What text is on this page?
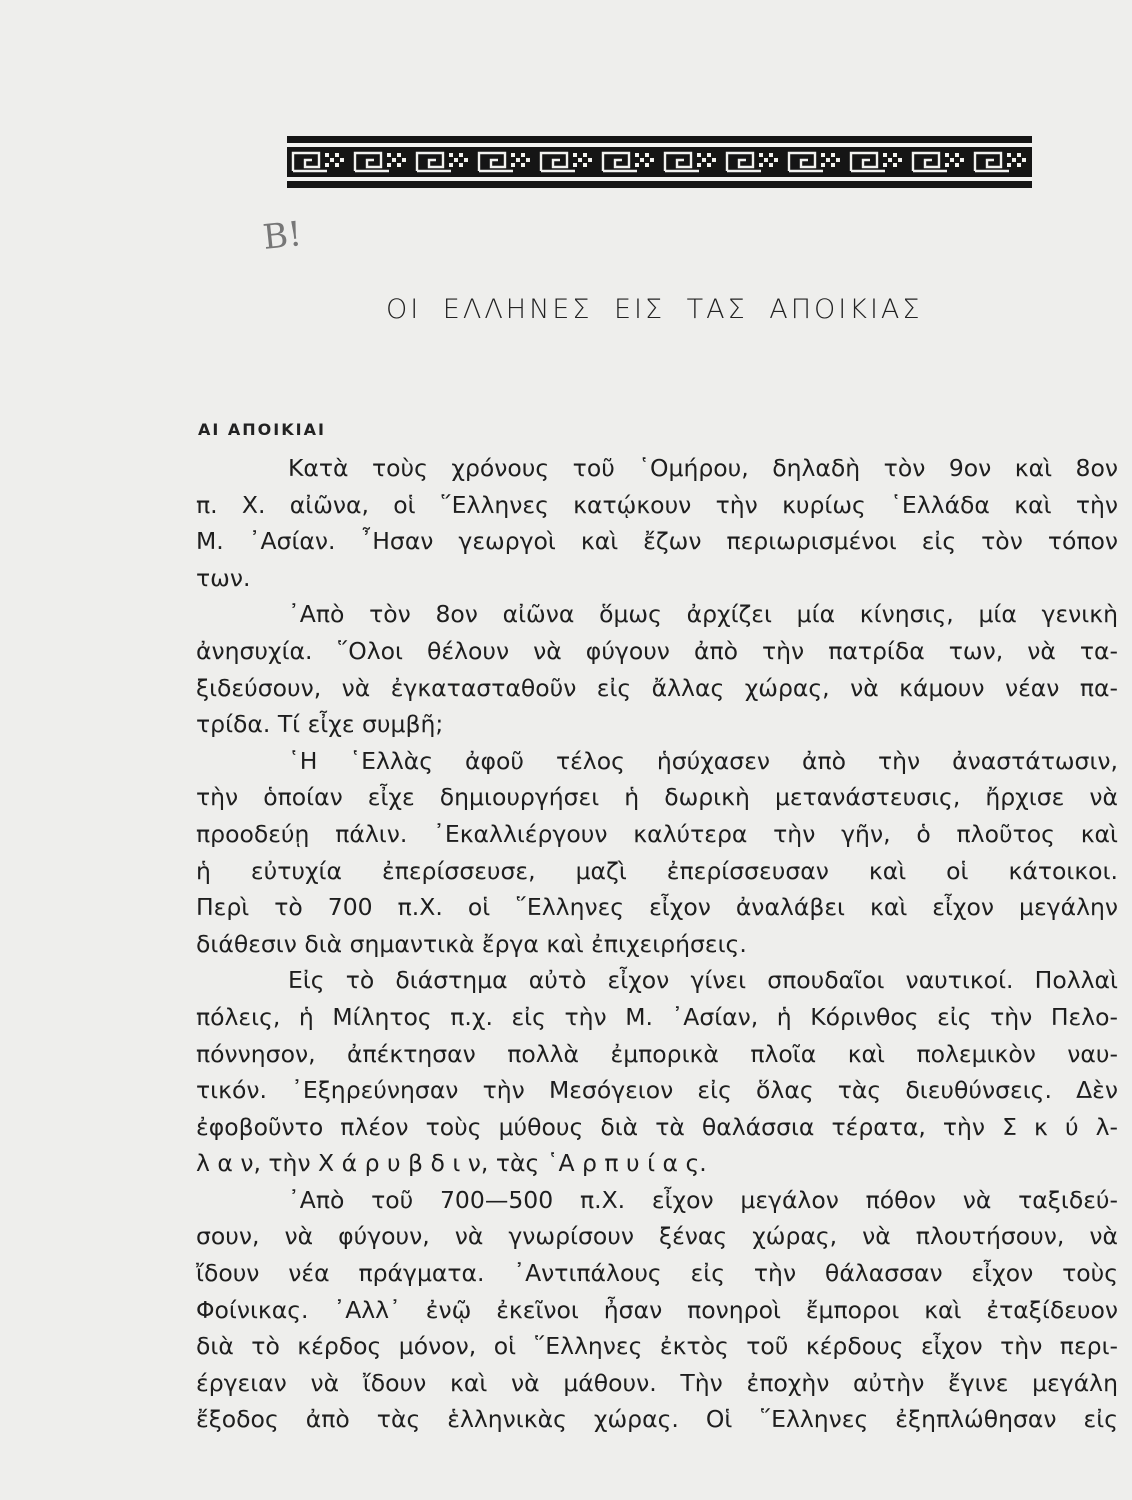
Β!
ΟΙ ΕΛΛΗΝΕΣ ΕΙΣ ΤΑΣ ΑΠΟΙΚΙΑΣ
ΑΙ ΑΠΟΙΚΙΑΙ
Κατὰ τοὺς χρόνους τοῦ ῾Ομήρου, δηλαδὴ τὸν 9ον καὶ 8ον
π. Χ. αἰῶνα, οἱ ῞Ελληνες κατῴκουν τὴν κυρίως ῾Ελλάδα καὶ τὴν
Μ. ᾿Ασίαν. ῏Ησαν γεωργοὶ καὶ ἔζων περιωρισμένοι εἰς τὸν τόπον
των.
᾿Απὸ τὸν 8ον αἰῶνα ὅμως ἀρχίζει μία κίνησις, μία γενικὴ
ἀνησυχία. ῞Ολοι θέλουν νὰ φύγουν ἀπὸ τὴν πατρίδα των, νὰ τα-
ξιδεύσουν, νὰ ἐγκατασταθοῦν εἰς ἄλλας χώρας, νὰ κάμουν νέαν πα-
τρίδα. Τί εἶχε συμβῆ;
῾Η ῾Ελλὰς ἀφοῦ τέλος ἡσύχασεν ἀπὸ τὴν ἀναστάτωσιν,
τὴν ὁποίαν εἶχε δημιουργήσει ἡ δωρικὴ μετανάστευσις, ἤρχισε νὰ
προοδεύῃ πάλιν. ᾿Εκαλλιέργουν καλύτερα τὴν γῆν, ὁ πλοῦτος καὶ
ἡ εὐτυχία ἐπερίσσευσε, μαζὶ ἐπερίσσευσαν καὶ οἱ κάτοικοι.
Περὶ τὸ 700 π.Χ. οἱ ῞Ελληνες εἶχον ἀναλάβει καὶ εἶχον μεγάλην
διάθεσιν διὰ σημαντικὰ ἔργα καὶ ἐπιχειρήσεις.
Εἰς τὸ διάστημα αὐτὸ εἶχον γίνει σπουδαῖοι ναυτικοί. Πολλαὶ
πόλεις, ἡ Μίλητος π.χ. εἰς τὴν Μ. ᾿Ασίαν, ἡ Κόρινθος εἰς τὴν Πελο-
πόννησον, ἀπέκτησαν πολλὰ ἐμπορικὰ πλοῖα καὶ πολεμικὸν ναυ-
τικόν. ᾿Εξηρεύνησαν τὴν Μεσόγειον εἰς ὅλας τὰς διευθύνσεις. Δὲν
ἐφοβοῦντο πλέον τοὺς μύθους διὰ τὰ θαλάσσια τέρατα, τὴν Σ κ ύ λ-
λ α ν, τὴν Χ ά ρ υ β δ ι ν, τὰς ῾Α ρ π υ ί α ς.
᾿Απὸ τοῦ 700—500 π.Χ. εἶχον μεγάλον πόθον νὰ ταξιδεύ-
σουν, νὰ φύγουν, νὰ γνωρίσουν ξένας χώρας, νὰ πλουτήσουν, νὰ
ἴδουν νέα πράγματα. ᾿Αντιπάλους εἰς τὴν θάλασσαν εἶχον τοὺς
Φοίνικας. ᾿Αλλ᾿ ἐνῷ ἐκεῖνοι ἦσαν πονηροὶ ἔμποροι καὶ ἐταξίδευον
διὰ τὸ κέρδος μόνον, οἱ ῞Ελληνες ἐκτὸς τοῦ κέρδους εἶχον τὴν περι-
έργειαν νὰ ἴδουν καὶ νὰ μάθουν. Τὴν ἐποχὴν αὐτὴν ἔγινε μεγάλη
ἔξοδος ἀπὸ τὰς ἑλληνικὰς χώρας. Οἱ ῞Ελληνες ἐξηπλώθησαν εἰς
